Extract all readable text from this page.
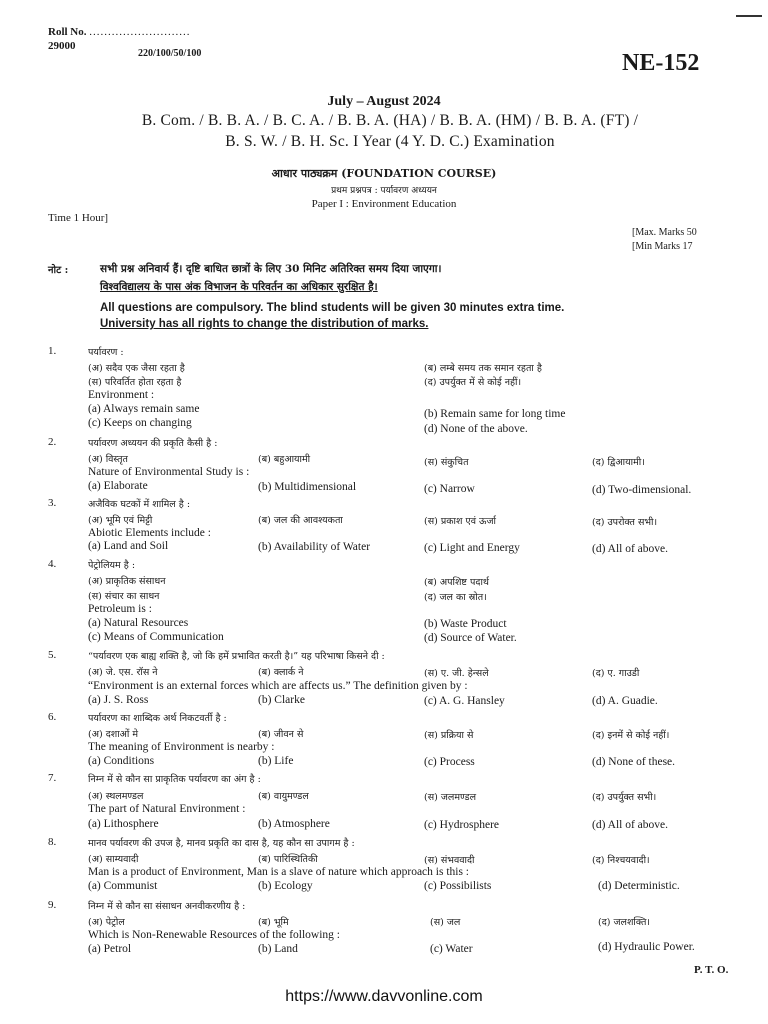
Roll No. ...........................
29000
220/100/50/100	NE-152
July – August 2024
B. Com. / B. B. A. / B. C. A. / B. B. A. (HA) / B. B. A. (HM) / B. B. A. (FT) /
B. S. W. / B. H. Sc. I Year (4 Y. D. C.) Examination
आधार पाठ्यक्रम (FOUNDATION COURSE)
प्रथम प्रश्नपत्र : पर्यावरण अध्ययन
Paper I : Environment Education
Time 1 Hour]
[Max. Marks 50
[Min Marks 17
नोट :	सभी प्रश्न अनिवार्य हैं। दृष्टि बाधित छात्रों के लिए 30 मिनिट अतिरिक्त समय दिया जाएगा।
विश्वविद्यालय के पास अंक विभाजन के परिवर्तन का अधिकार सुरक्षित है।
All questions are compulsory. The blind students will be given 30 minutes extra time.
University has all rights to change the distribution of marks.
1.	पर्यावरण :
(अ) सदैव एक जैसा रहता है	(ब) लम्बे समय तक समान रहता है
(स) परिवर्तित होता रहता है	(द) उपर्युक्त में से कोई नहीं।
Environment :
(a) Always remain same	(b) Remain same for long time
(c) Keeps on changing	(d) None of the above.
2.	पर्यावरण अध्ययन की प्रकृति कैसी है :
(अ) विस्तृत	(ब) बहुआयामी	(स) संकुचित	(द) द्विआयामी।
Nature of Environmental Study is :
(a) Elaborate	(b) Multidimensional	(c) Narrow	(d) Two-dimensional.
3.	अजैविक घटकों में शामिल है :
(अ) भूमि एवं मिट्टी	(ब) जल की आवश्यकता	(स) प्रकाश एवं ऊर्जा	(द) उपरोक्त सभी।
Abiotic Elements include :
(a) Land and Soil	(b) Availability of Water	(c) Light and Energy	(d) All of above.
4.	पेट्रोलियम है :
(अ) प्राकृतिक संसाधन	(ब) अपशिष्ट पदार्थ
(स) संचार का साधन	(द) जल का स्रोत।
Petroleum is :
(a) Natural Resources	(b) Waste Product
(c) Means of Communication	(d) Source of Water.
5.	“पर्यावरण एक बाह्य शक्ति है, जो कि हमें प्रभावित करती है।” यह परिभाषा किसने दी :
(अ) जे. एस. रॉस ने	(ब) क्लार्क ने	(स) ए. जी. हेन्सले	(द) ए. गाउडी
“Environment is an external forces which are affects us.” The definition given by :
(a) J. S. Ross	(b) Clarke	(c) A. G. Hansley	(d) A. Guadie.
6.	पर्यावरण का शाब्दिक अर्थ निकटवर्ती है :
(अ) दशाओं मे	(ब) जीवन से	(स) प्रक्रिया से	(द) इनमें से कोई नहीं।
The meaning of Environment is nearby :
(a) Conditions	(b) Life	(c) Process	(d) None of these.
7.	निम्न में से कौन सा प्राकृतिक पर्यावरण का अंग है :
(अ) स्थलमण्डल	(ब) वायुमण्डल	(स) जलमण्डल	(द) उपर्युक्त सभी।
The part of Natural Environment :
(a) Lithosphere	(b) Atmosphere	(c) Hydrosphere	(d) All of above.
8.	मानव पर्यावरण की उपज है, मानव प्रकृति का दास है, यह कौन सा उपागम है :
(अ) साम्यवादी	(ब) पारिस्थितिकी	(स) संभववादी	(द) निश्चयवादी।
Man is a product of Environment, Man is a slave of nature which approach is this :
(a) Communist	(b) Ecology	(c) Possibilists	(d) Deterministic.
9.	निम्न में से कौन सा संसाधन अनवीकरणीय है :
(अ) पेट्रोल	(ब) भूमि	(स) जल	(द) जलशक्ति।
Which is Non-Renewable Resources of the following :
(a) Petrol	(b) Land	(c) Water	(d) Hydraulic Power.
P. T. O.
https://www.davvonline.com
